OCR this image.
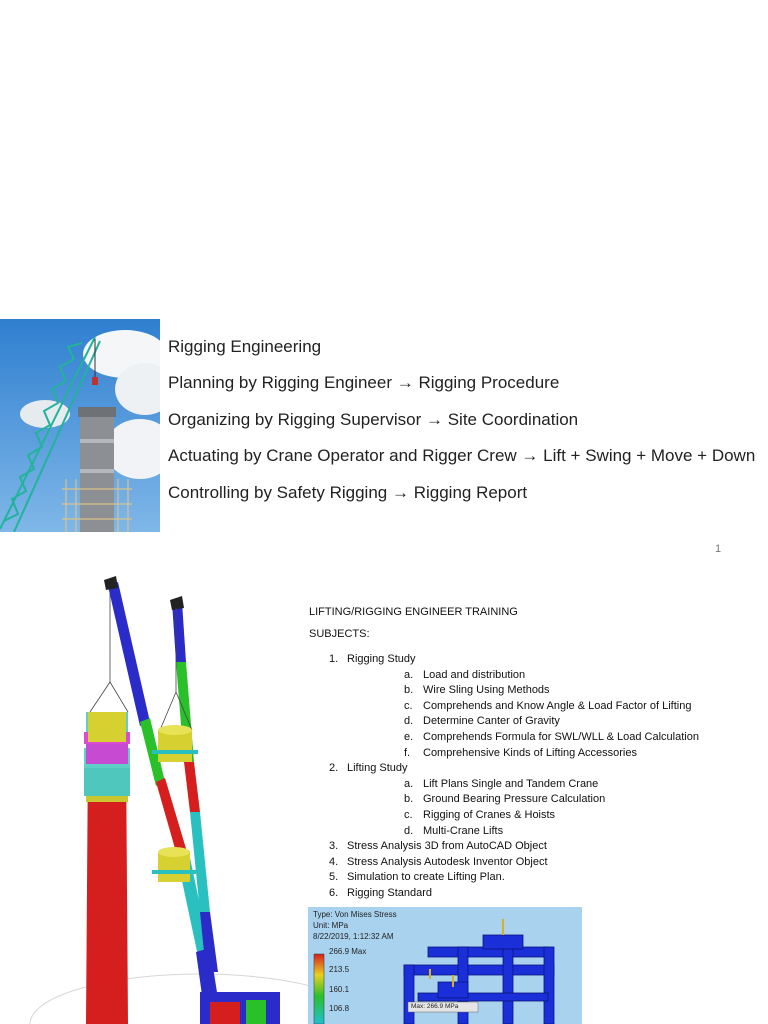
Rigging Engineering
Planning by Rigging Engineer → Rigging Procedure
Organizing by Rigging Supervisor → Site Coordination
Actuating by Crane Operator and Rigger Crew → Lift + Swing + Move + Down
Controlling by Safety Rigging → Rigging Report
1
LIFTING/RIGGING ENGINEER TRAINING
SUBJECTS:
1. Rigging Study
a. Load and distribution
b. Wire Sling Using Methods
c. Comprehends and Know Angle & Load Factor of Lifting
d. Determine Canter of Gravity
e. Comprehends Formula for SWL/WLL & Load Calculation
f. Comprehensive Kinds of Lifting Accessories
2. Lifting Study
a. Lift Plans Single and Tandem Crane
b. Ground Bearing Pressure Calculation
c. Rigging of Cranes & Hoists
d. Multi-Crane Lifts
3. Stress Analysis 3D from AutoCAD Object
4. Stress Analysis Autodesk Inventor Object
5. Simulation to create Lifting Plan.
6. Rigging Standard
Type: Von Mises Stress
Unit: MPa
8/22/2019, 1:12:32 AM
266.9 Max
213.5
160.1
106.8	Max: 266.9 MPa
